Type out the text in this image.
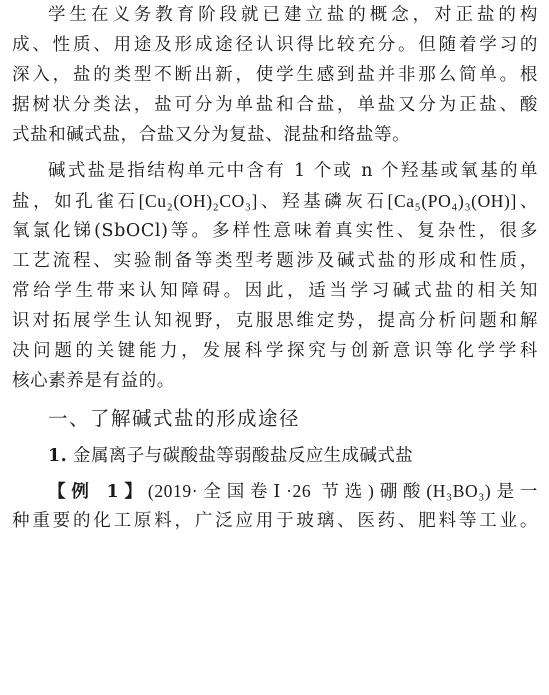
学生在义务教育阶段就已建立盐的概念，对正盐的构
成、性质、用途及形成途径认识得比较充分。但随着学习的
深入，盐的类型不断出新，使学生感到盐并非那么简单。根
据树状分类法，盐可分为单盐和合盐，单盐又分为正盐、酸
式盐和碱式盐，合盐又分为复盐、混盐和络盐等。
碱式盐是指结构单元中含有 1 个或 n 个羟基或氧基的单
盐，如孔雀石[Cu₂(OH)₂CO₃]、羟基磷灰石[Ca₅(PO₄)₃(OH)]、
氧氯化锑(SbOCl)等。多样性意味着真实性、复杂性，很多
工艺流程、实验制备等类型考题涉及碱式盐的形成和性质，
常给学生带来认知障碍。因此，适当学习碱式盐的相关知
识对拓展学生认知视野，克服思维定势，提高分析问题和解
决问题的关键能力，发展科学探究与创新意识等化学学科
核心素养是有益的。
一、了解碱式盐的形成途径
1. 金属离子与碳酸盐等弱酸盐反应生成碱式盐
【例 1】(2019·全国卷Ⅰ·26 节选)硼酸(H₃BO₃)是一
种重要的化工原料，广泛应用于玻璃、医药、肥料等工业。
